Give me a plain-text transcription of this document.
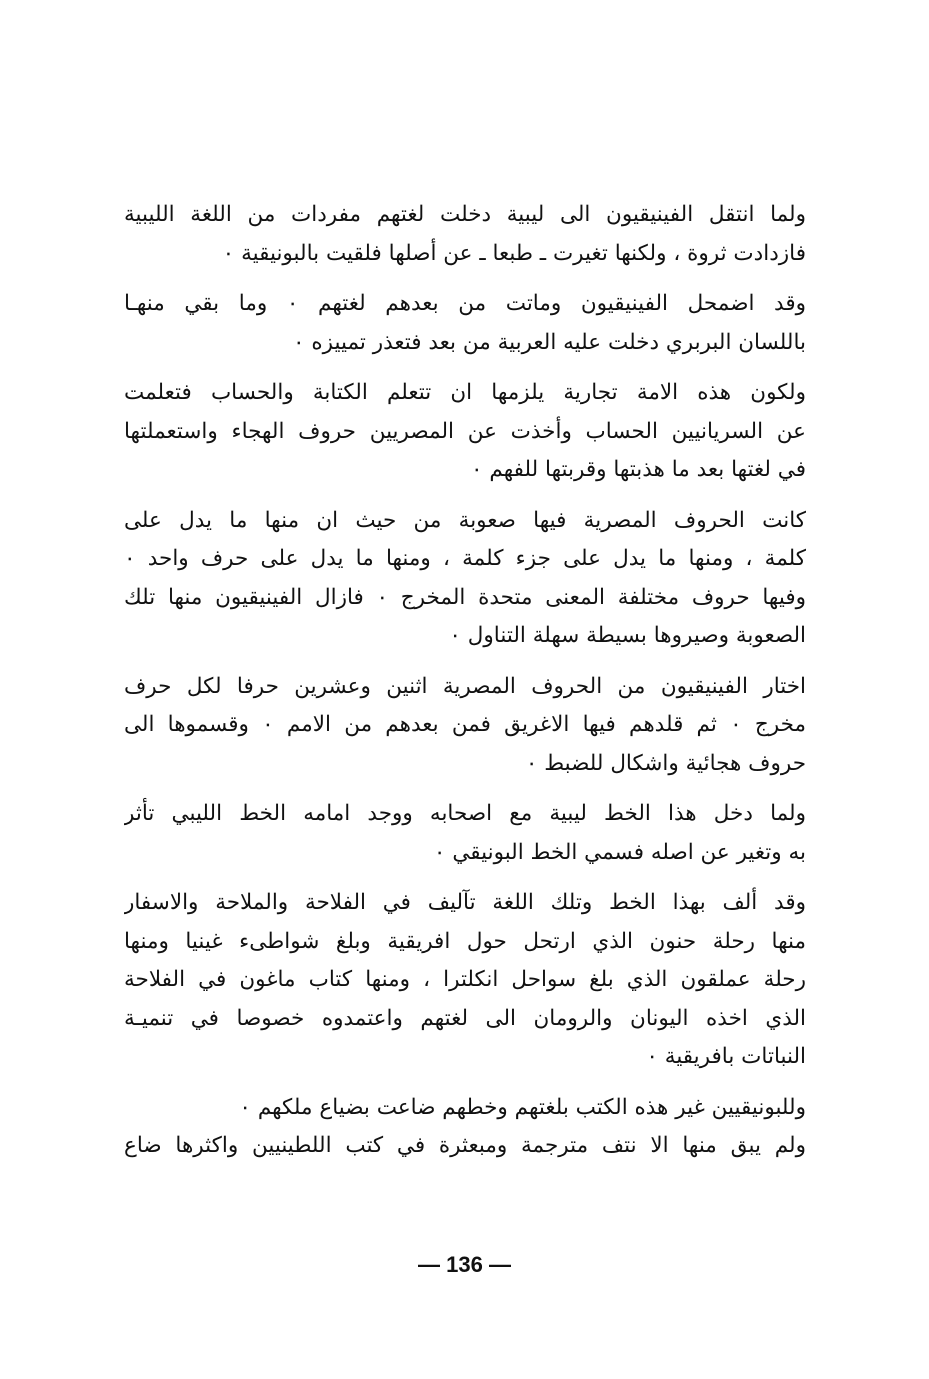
ولما انتقل الفينيقيون الى ليبية دخلت لغتهم مفردات من اللغة الليبية
فازدادت ثروة ، ولكنها تغيرت ـ طبعا ـ عن أصلها فلقيت بالبونيقية ٠
وقد اضمحل الفينيقيون وماتت من بعدهم لغتهم ٠ وما بقي منهـا
باللسان البربري دخلت عليه العربية من بعد فتعذر تمييزه ٠
ولكون هذه الامة تجارية يلزمها ان تتعلم الكتابة والحساب فتعلمت
عن السريانيين الحساب وأخذت عن المصريين حروف الهجاء واستعملتها
في لغتها بعد ما هذبتها وقربتها للفهم ٠
كانت الحروف المصرية فيها صعوبة من حيث ان منها ما يدل على
كلمة ، ومنها ما يدل على جزء كلمة ، ومنها ما يدل على حرف واحد ٠
وفيها حروف مختلفة المعنى متحدة المخرج ٠ فازال الفينيقيون منها تلك
الصعوبة وصيروها بسيطة سهلة التناول ٠
اختار الفينيقيون من الحروف المصرية اثنين وعشرين حرفا لكل حرف
مخرج ٠ ثم قلدهم فيها الاغريق فمن بعدهم من الامم ٠ وقسموها الى
حروف هجائية واشكال للضبط ٠
ولما دخل هذا الخط ليبية مع اصحابه ووجد امامه الخط الليبي تأثر
به وتغير عن اصله فسمي الخط البونيقي ٠
وقد ألف بهذا الخط وتلك اللغة تآليف في الفلاحة والملاحة والاسفار
منها رحلة حنون الذي ارتحل حول افريقية وبلغ شواطىء غينيا ومنها
رحلة عملقون الذي بلغ سواحل انكلترا ، ومنها كتاب ماغون في الفلاحة
الذي اخذه اليونان والرومان الى لغتهم واعتمدوه خصوصا في تنميـة
النباتات بافريقية ٠
وللبونيقيين غير هذه الكتب بلغتهم وخطهم ضاعت بضياع ملكهم ٠
ولم يبق منها الا نتف مترجمة ومبعثرة في كتب اللطينيين واكثرها ضاع
— 136 —
